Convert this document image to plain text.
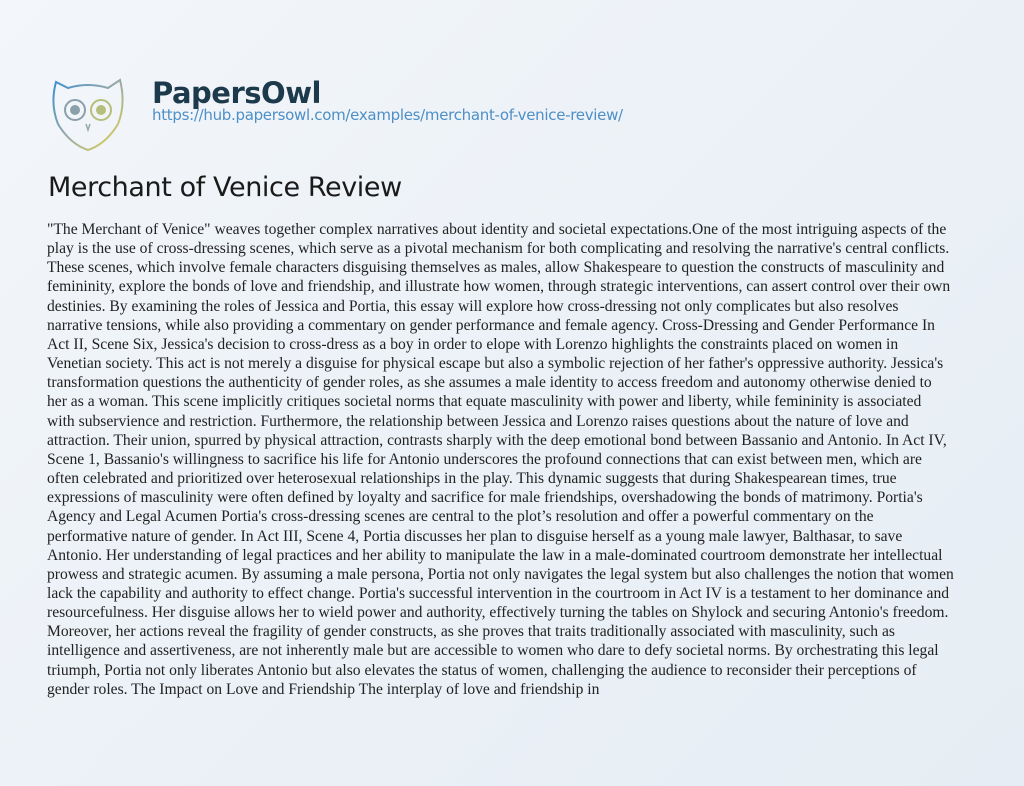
PapersOwl
https://hub.papersowl.com/examples/merchant-of-venice-review/
Merchant of Venice Review
"The Merchant of Venice" weaves together complex narratives about identity and societal expectations.One of the most intriguing aspects of the
play is the use of cross-dressing scenes, which serve as a pivotal mechanism for both complicating and resolving the narrative's central conflicts.
These scenes, which involve female characters disguising themselves as males, allow Shakespeare to question the constructs of masculinity and
femininity, explore the bonds of love and friendship, and illustrate how women, through strategic interventions, can assert control over their own
destinies. By examining the roles of Jessica and Portia, this essay will explore how cross-dressing not only complicates but also resolves
narrative tensions, while also providing a commentary on gender performance and female agency. Cross-Dressing and Gender Performance In
Act II, Scene Six, Jessica's decision to cross-dress as a boy in order to elope with Lorenzo highlights the constraints placed on women in
Venetian society. This act is not merely a disguise for physical escape but also a symbolic rejection of her father's oppressive authority. Jessica's
transformation questions the authenticity of gender roles, as she assumes a male identity to access freedom and autonomy otherwise denied to
her as a woman. This scene implicitly critiques societal norms that equate masculinity with power and liberty, while femininity is associated
with subservience and restriction. Furthermore, the relationship between Jessica and Lorenzo raises questions about the nature of love and
attraction. Their union, spurred by physical attraction, contrasts sharply with the deep emotional bond between Bassanio and Antonio. In Act IV,
Scene 1, Bassanio's willingness to sacrifice his life for Antonio underscores the profound connections that can exist between men, which are
often celebrated and prioritized over heterosexual relationships in the play. This dynamic suggests that during Shakespearean times, true
expressions of masculinity were often defined by loyalty and sacrifice for male friendships, overshadowing the bonds of matrimony. Portia's
Agency and Legal Acumen Portia's cross-dressing scenes are central to the plot’s resolution and offer a powerful commentary on the
performative nature of gender. In Act III, Scene 4, Portia discusses her plan to disguise herself as a young male lawyer, Balthasar, to save
Antonio. Her understanding of legal practices and her ability to manipulate the law in a male-dominated courtroom demonstrate her intellectual
prowess and strategic acumen. By assuming a male persona, Portia not only navigates the legal system but also challenges the notion that women
lack the capability and authority to effect change. Portia's successful intervention in the courtroom in Act IV is a testament to her dominance and
resourcefulness. Her disguise allows her to wield power and authority, effectively turning the tables on Shylock and securing Antonio's freedom.
Moreover, her actions reveal the fragility of gender constructs, as she proves that traits traditionally associated with masculinity, such as
intelligence and assertiveness, are not inherently male but are accessible to women who dare to defy societal norms. By orchestrating this legal
triumph, Portia not only liberates Antonio but also elevates the status of women, challenging the audience to reconsider their perceptions of
gender roles. The Impact on Love and Friendship The interplay of love and friendship in
